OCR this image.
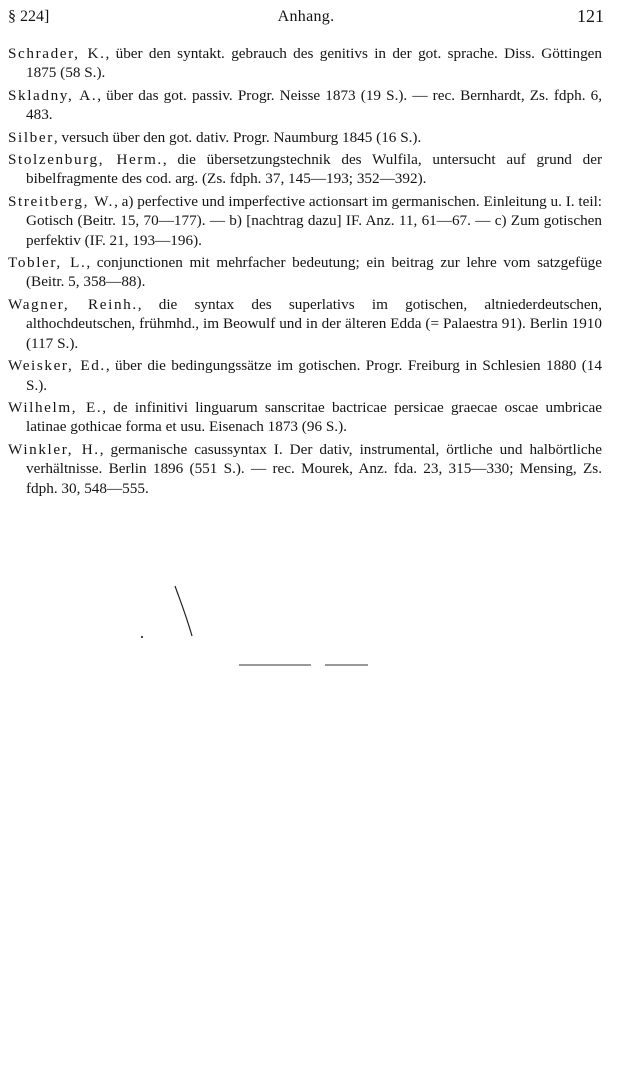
§ 224]	Anhang.	121

Schrader, K., über den syntakt. gebrauch des genitivs in der got. sprache. Diss. Göttingen 1875 (58 S.).

Skladny, A., über das got. passiv. Progr. Neisse 1873 (19 S.). — rec. Bernhardt, Zs. fdph. 6, 483.

Silber, versuch über den got. dativ. Progr. Naumburg 1845 (16 S.).

Stolzenburg, Herm., die übersetzungstechnik des Wulfila, untersucht auf grund der bibelfragmente des cod. arg. (Zs. fdph. 37, 145—193; 352—392).

Streitberg, W., a) perfective und imperfective actionsart im germanischen. Einleitung u. I. teil: Gotisch (Beitr. 15, 70—177). — b) [nachtrag dazu] IF. Anz. 11, 61—67. — c) Zum gotischen perfektiv (IF. 21, 193—196).

Tobler, L., conjunctionen mit mehrfacher bedeutung; ein beitrag zur lehre vom satzgefüge (Beitr. 5, 358—88).

Wagner, Reinh., die syntax des superlativs im gotischen, altniederdeutschen, althochdeutschen, frühmhd., im Beowulf und in der älteren Edda (= Palaestra 91). Berlin 1910 (117 S.).

Weisker, Ed., über die bedingungssätze im gotischen. Progr. Freiburg in Schlesien 1880 (14 S.).

Wilhelm, E., de infinitivi linguarum sanscritae bactricae persicae graecae oscae umbricae latinae gothicae forma et usu. Eisenach 1873 (96 S.).

Winkler, H., germanische casussyntax I. Der dativ, instrumental, örtliche und halbörtliche verhältnisse. Berlin 1896 (551 S.). — rec. Mourek, Anz. fda. 23, 315—330; Mensing, Zs. fdph. 30, 548—555.
